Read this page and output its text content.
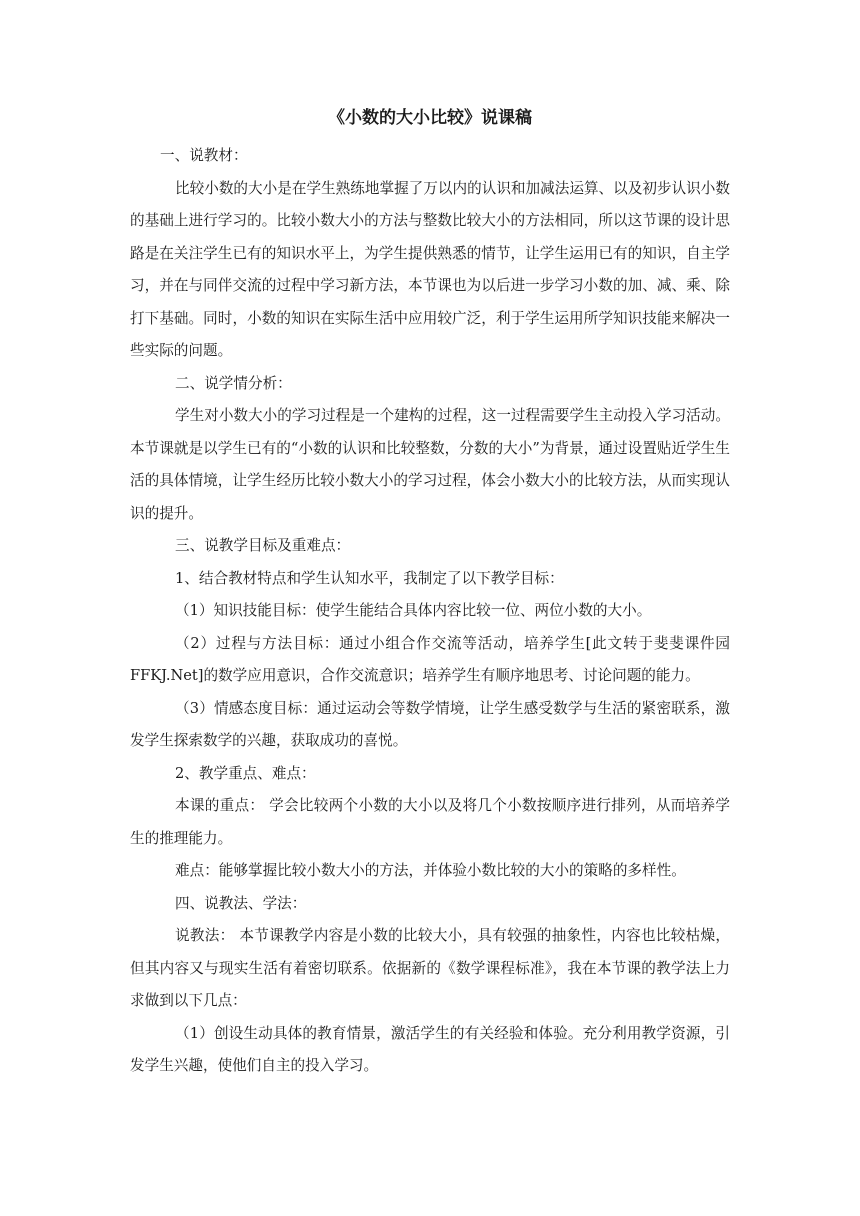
《小数的大小比较》说课稿

一、说教材：

比较小数的大小是在学生熟练地掌握了万以内的认识和加减法运算、以及初步认识小数的基础上进行学习的。比较小数大小的方法与整数比较大小的方法相同，所以这节课的设计思路是在关注学生已有的知识水平上，为学生提供熟悉的情节，让学生运用已有的知识，自主学习，并在与同伴交流的过程中学习新方法，本节课也为以后进一步学习小数的加、减、乘、除打下基础。同时，小数的知识在实际生活中应用较广泛，利于学生运用所学知识技能来解决一些实际的问题。

二、说学情分析：

学生对小数大小的学习过程是一个建构的过程，这一过程需要学生主动投入学习活动。本节课就是以学生已有的“小数的认识和比较整数，分数的大小”为背景，通过设置贴近学生生活的具体情境，让学生经历比较小数大小的学习过程，体会小数大小的比较方法，从而实现认识的提升。

三、说教学目标及重难点：

1、结合教材特点和学生认知水平，我制定了以下教学目标：

（1）知识技能目标：使学生能结合具体内容比较一位、两位小数的大小。

（2）过程与方法目标：通过小组合作交流等活动，培养学生[此文转于斐斐课件园 FFKJ.Net]的数学应用意识，合作交流意识；培养学生有顺序地思考、讨论问题的能力。

（3）情感态度目标：通过运动会等数学情境，让学生感受数学与生活的紧密联系，激发学生探索数学的兴趣，获取成功的喜悦。

2、教学重点、难点：

本课的重点： 学会比较两个小数的大小以及将几个小数按顺序进行排列，从而培养学生的推理能力。

难点：能够掌握比较小数大小的方法，并体验小数比较的大小的策略的多样性。

四、说教法、学法：

说教法： 本节课教学内容是小数的比较大小，具有较强的抽象性，内容也比较枯燥，但其内容又与现实生活有着密切联系。依据新的《数学课程标准》，我在本节课的教学法上力求做到以下几点：

（1）创设生动具体的教育情景，激活学生的有关经验和体验。充分利用教学资源，引发学生兴趣，使他们自主的投入学习。
